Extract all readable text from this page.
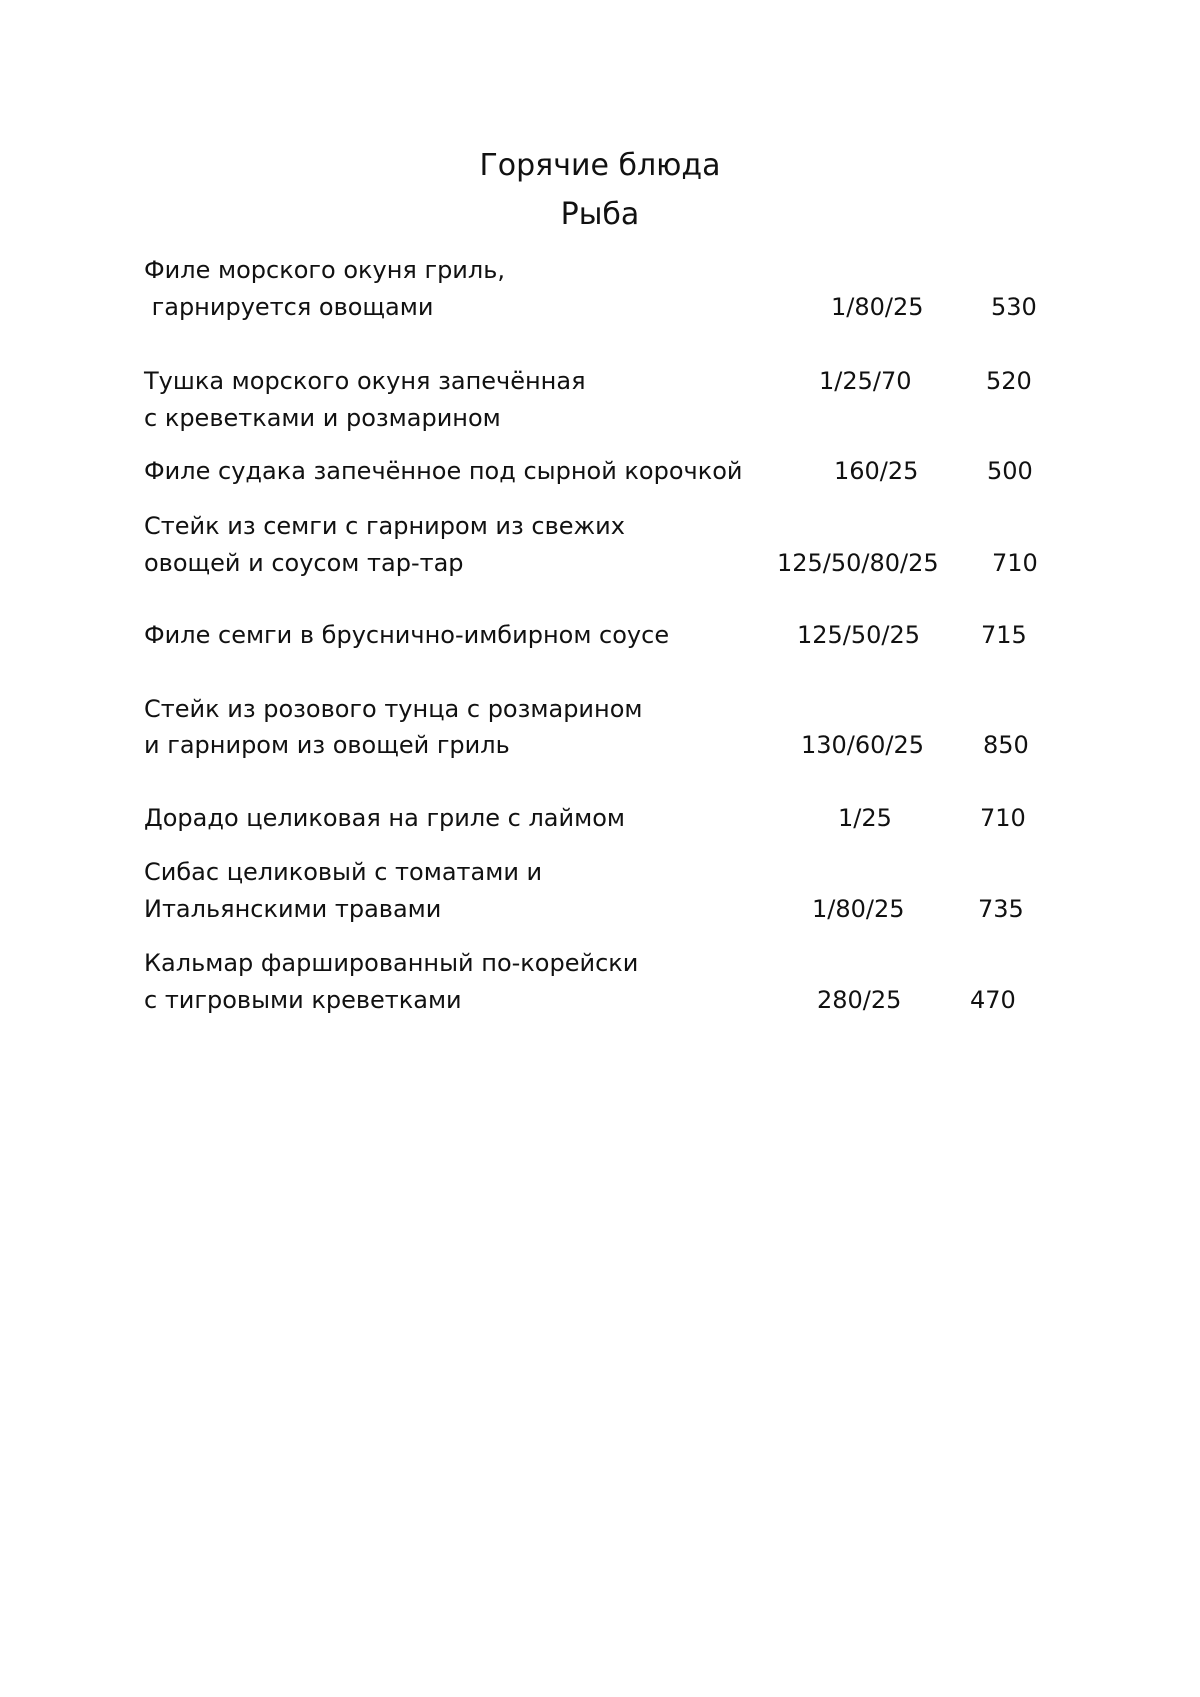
Горячие блюда
Рыба
Филе морского окуня гриль,
гарнируется овощами	1/80/25	530
Тушка морского окуня запечённая
с креветками и розмарином
1/25/70	520
Филе судака запечённое под сырной корочкой	160/25	500
Стейк из семги с гарниром из свежих
овощей и соусом тар-тар	125/50/80/25 710
Филе семги в бруснично-имбирном соусе	125/50/25	715
Стейк из розового тунца с розмарином
и гарниром из овощей гриль	130/60/25 850
Дорадо целиковая на гриле с лаймом	1/25	710
Сибас целиковый с томатами и
Итальянскими травами	1/80/25	735
Кальмар фаршированный по-корейски
с тигровыми креветками	280/25	470
